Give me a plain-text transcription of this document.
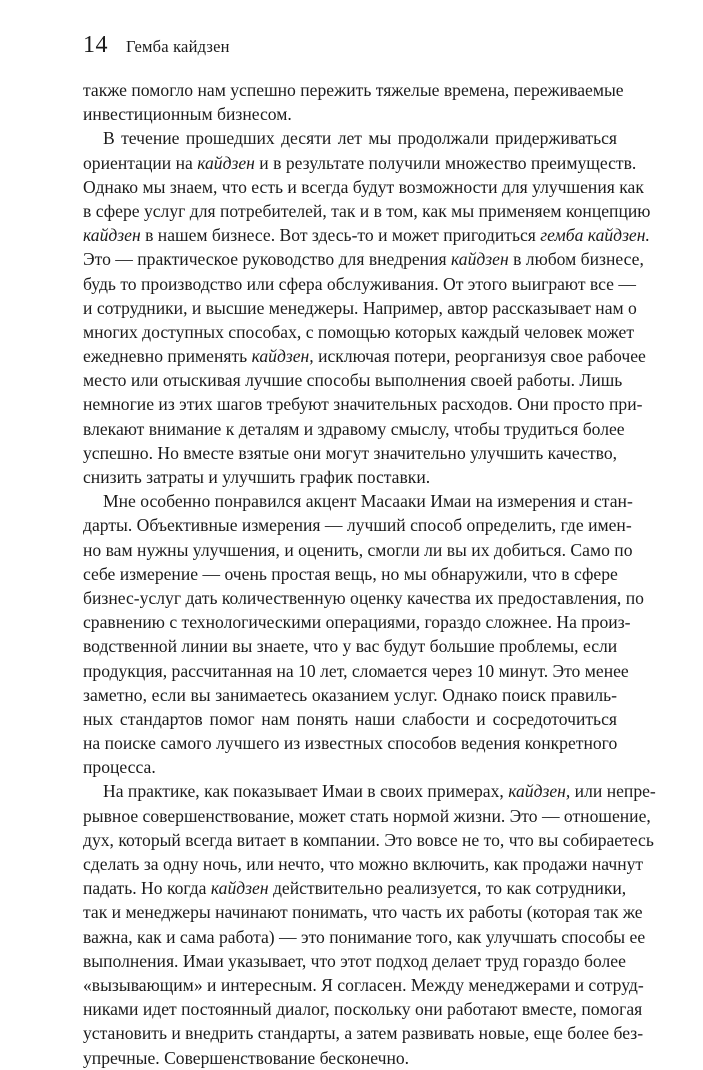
14 Гемба кайдзен
также помогло нам успешно пережить тяжелые времена, переживаемые
инвестиционным бизнесом.
В течение прошедших десяти лет мы продолжали придерживаться
ориентации на кайдзен и в результате получили множество преимуществ.
Однако мы знаем, что есть и всегда будут возможности для улучшения как
в сфере услуг для потребителей, так и в том, как мы применяем концепцию
кайдзен в нашем бизнесе. Вот здесь-то и может пригодиться гемба кайдзен.
Это — практическое руководство для внедрения кайдзен в любом бизнесе,
будь то производство или сфера обслуживания. От этого выиграют все —
и сотрудники, и высшие менеджеры. Например, автор рассказывает нам о
многих доступных способах, с помощью которых каждый человек может
ежедневно применять кайдзен, исключая потери, реорганизуя свое рабочее
место или отыскивая лучшие способы выполнения своей работы. Лишь
немногие из этих шагов требуют значительных расходов. Они просто при-
влекают внимание к деталям и здравому смыслу, чтобы трудиться более
успешно. Но вместе взятые они могут значительно улучшить качество,
снизить затраты и улучшить график поставки.
Мне особенно понравился акцент Масааки Имаи на измерения и стан-
дарты. Объективные измерения — лучший способ определить, где имен-
но вам нужны улучшения, и оценить, смогли ли вы их добиться. Само по
себе измерение — очень простая вещь, но мы обнаружили, что в сфере
бизнес-услуг дать количественную оценку качества их предоставления, по
сравнению с технологическими операциями, гораздо сложнее. На произ-
водственной линии вы знаете, что у вас будут большие проблемы, если
продукция, рассчитанная на 10 лет, сломается через 10 минут. Это менее
заметно, если вы занимаетесь оказанием услуг. Однако поиск правиль-
ных стандартов помог нам понять наши слабости и сосредоточиться
на поиске самого лучшего из известных способов ведения конкретного
процесса.
На практике, как показывает Имаи в своих примерах, кайдзен, или непре-
рывное совершенствование, может стать нормой жизни. Это — отношение,
дух, который всегда витает в компании. Это вовсе не то, что вы собираетесь
сделать за одну ночь, или нечто, что можно включить, как продажи начнут
падать. Но когда кайдзен действительно реализуется, то как сотрудники,
так и менеджеры начинают понимать, что часть их работы (которая так же
важна, как и сама работа) — это понимание того, как улучшать способы ее
выполнения. Имаи указывает, что этот подход делает труд гораздо более
«вызывающим» и интересным. Я согласен. Между менеджерами и сотруд-
никами идет постоянный диалог, поскольку они работают вместе, помогая
установить и внедрить стандарты, а затем развивать новые, еще более без-
упречные. Совершенствование бесконечно.
